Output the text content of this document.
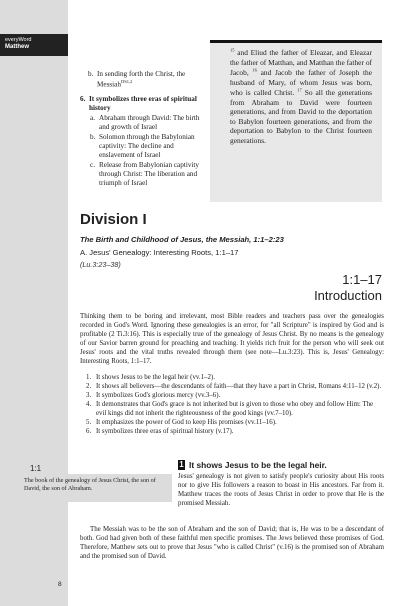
everyWord
Matthew
b. In sending forth the Christ, the Messiah$^{DS1,2}$
6. It symbolizes three eras of spiritual history
a. Abraham through David: The birth and growth of Israel
b. Solomon through the Babylonian captivity: The decline and enslavement of Israel
c. Release from Babylonian captivity through Christ: The liberation and triumph of Israel
$^{15}$ and Eliud the father of Eleazar, and Eleazar the father of Matthan, and Matthan the father of Jacob, $^{16}$ and Jacob the father of Joseph the husband of Mary, of whom Jesus was born, who is called Christ. $^{17}$ So all the generations from Abraham to David were fourteen generations, and from David to the deportation to Babylon fourteen generations, and from the deportation to Babylon to the Christ fourteen generations.
Division I
The Birth and Childhood of Jesus, the Messiah, 1:1–2:23
A. Jesus' Genealogy: Interesting Roots, 1:1–17
(Lu.3:23–38)
1:1–17
Introduction

Thinking them to be boring and irrelevant, most Bible readers and teachers pass over the genealogies recorded in God's Word. Ignoring these genealogies is an error, for "all Scripture" is inspired by God and is profitable (2 Ti.3:16). This is especially true of the genealogy of Jesus Christ. By no means is the genealogy of our Savior barren ground for preaching and teaching. It yields rich fruit for the person who will seek out Jesus' roots and the vital truths revealed through them (see note—Lu.3:23). This is, Jesus' Genealogy: Interesting Roots, 1:1–17.

1. It shows Jesus to be the legal heir (vv.1–2).
2. It shows all believers—the descendants of faith—that they have a part in Christ, Romans 4:11–12 (v.2).
3. It symbolizes God's glorious mercy (vv.3–6).
4. It demonstrates that God's grace is not inherited but is given to those who obey and follow Him: The evil kings did not inherit the righteousness of the good kings (vv.7–10).
5. It emphasizes the power of God to keep His promises (vv.11–16).
6. It symbolizes three eras of spiritual history (v.17).
1:1
The book of the genealogy of Jesus Christ, the son of David, the son of Abraham.
1 It shows Jesus to be the legal heir.
Jesus' genealogy is not given to satisfy people's curiosity about His roots nor to give His followers a reason to boast in His ancestors. Far from it. Matthew traces the roots of Jesus Christ in order to prove that He is the promised Messiah.

The Messiah was to be the son of Abraham and the son of David; that is, He was to be a descendant of both. God had given both of these faithful men specific promises. The Jews believed these promises of God. Therefore, Matthew sets out to prove that Jesus "who is called Christ" (v.16) is the promised son of Abraham and the promised son of David.

8
